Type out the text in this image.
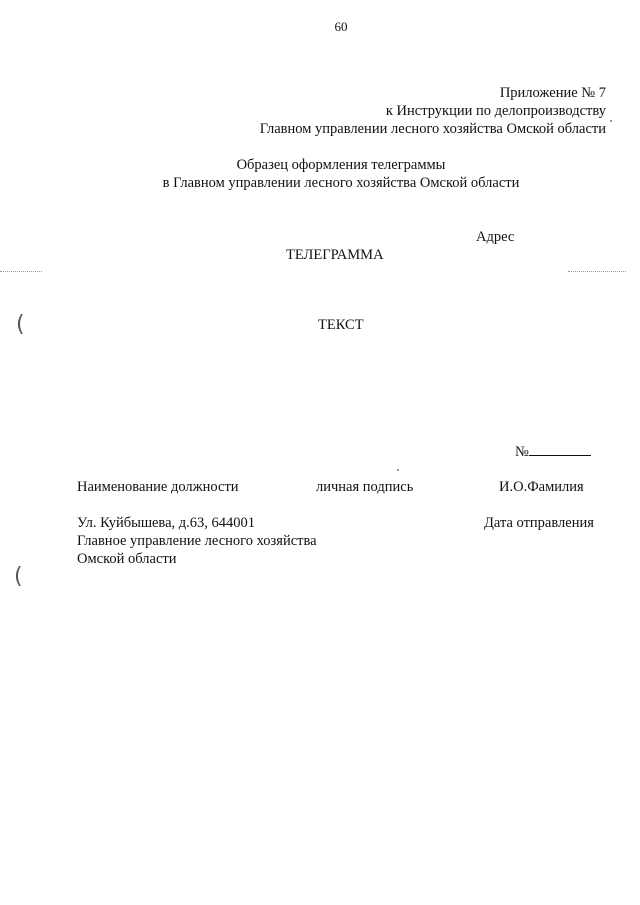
(
(
60
Приложение № 7
к Инструкции по делопроизводству
Главном управлении лесного хозяйства Омской области
Образец оформления телеграммы
в Главном управлении лесного хозяйства Омской области
Адрес
ТЕЛЕГРАММА
ТЕКСТ
№
Наименование должности	личная подпись	И.О.Фамилия
Ул. Куйбышева, д.63, 644001	Дата отправления
Главное управление лесного хозяйства
Омской области
